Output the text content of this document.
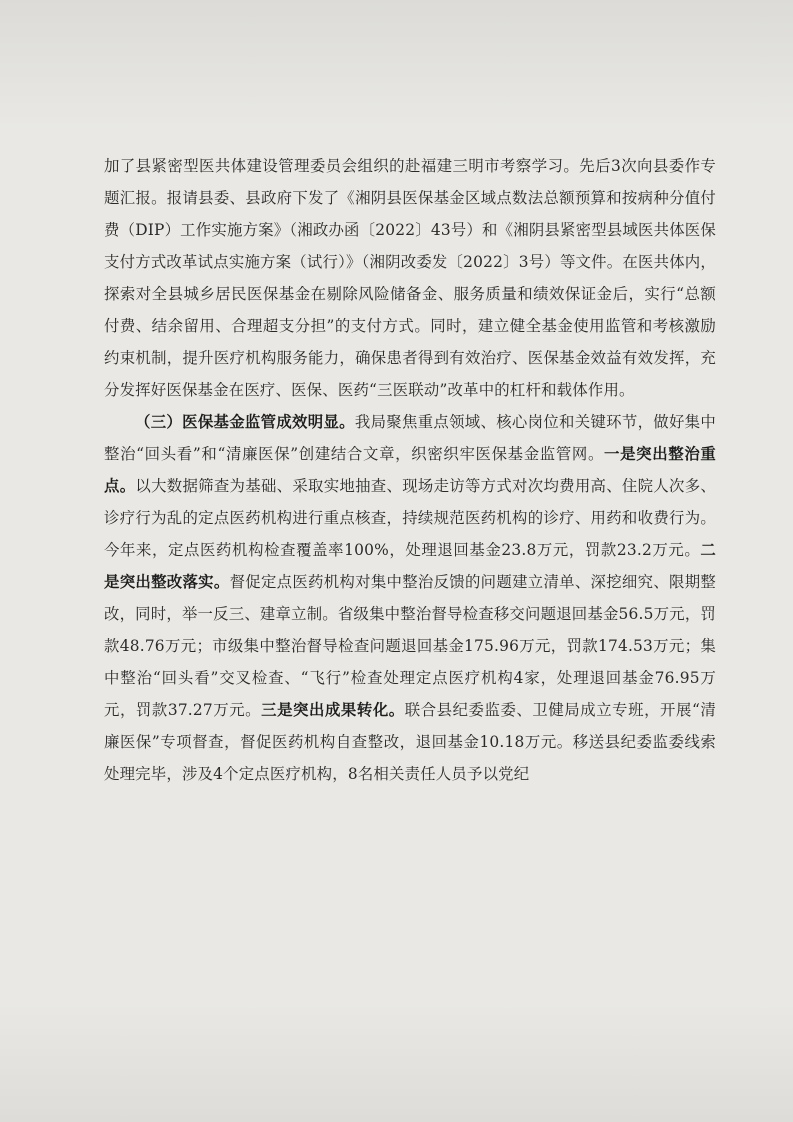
加了县紧密型医共体建设管理委员会组织的赴福建三明市考察学习。先后3次向县委作专题汇报。报请县委、县政府下发了《湘阴县医保基金区域点数法总额预算和按病种分值付费（DIP）工作实施方案》（湘政办函〔2022〕43号）和《湘阴县紧密型县域医共体医保支付方式改革试点实施方案（试行）》（湘阴改委发〔2022〕3号）等文件。在医共体内，探索对全县城乡居民医保基金在剔除风险储备金、服务质量和绩效保证金后，实行“总额付费、结余留用、合理超支分担”的支付方式。同时，建立健全基金使用监管和考核激励约束机制，提升医疗机构服务能力，确保患者得到有效治疗、医保基金效益有效发挥，充分发挥好医保基金在医疗、医保、医药“三医联动”改革中的杠杆和载体作用。

（三）医保基金监管成效明显。我局聚焦重点领域、核心岗位和关键环节，做好集中整治“回头看”和“清廉医保”创建结合文章，织密织牢医保基金监管网。一是突出整治重点。以大数据筛查为基础、采取实地抽查、现场走访等方式对次均费用高、住院人次多、诊疗行为乱的定点医药机构进行重点核查，持续规范医药机构的诊疗、用药和收费行为。今年来，定点医药机构检查覆盖率100%，处理退回基金23.8万元，罚款23.2万元。二是突出整改落实。督促定点医药机构对集中整治反馈的问题建立清单、深挖细究、限期整改，同时，举一反三、建章立制。省级集中整治督导检查移交问题退回基金56.5万元，罚款48.76万元；市级集中整治督导检查问题退回基金175.96万元，罚款174.53万元；集中整治“回头看”交叉检查、“飞行”检查处理定点医疗机构4家，处理退回基金76.95万元，罚款37.27万元。三是突出成果转化。联合县纪委监委、卫健局成立专班，开展“清廉医保”专项督查，督促医药机构自查整改，退回基金10.18万元。移送县纪委监委线索处理完毕，涉及4个定点医疗机构，8名相关责任人员予以党纪
